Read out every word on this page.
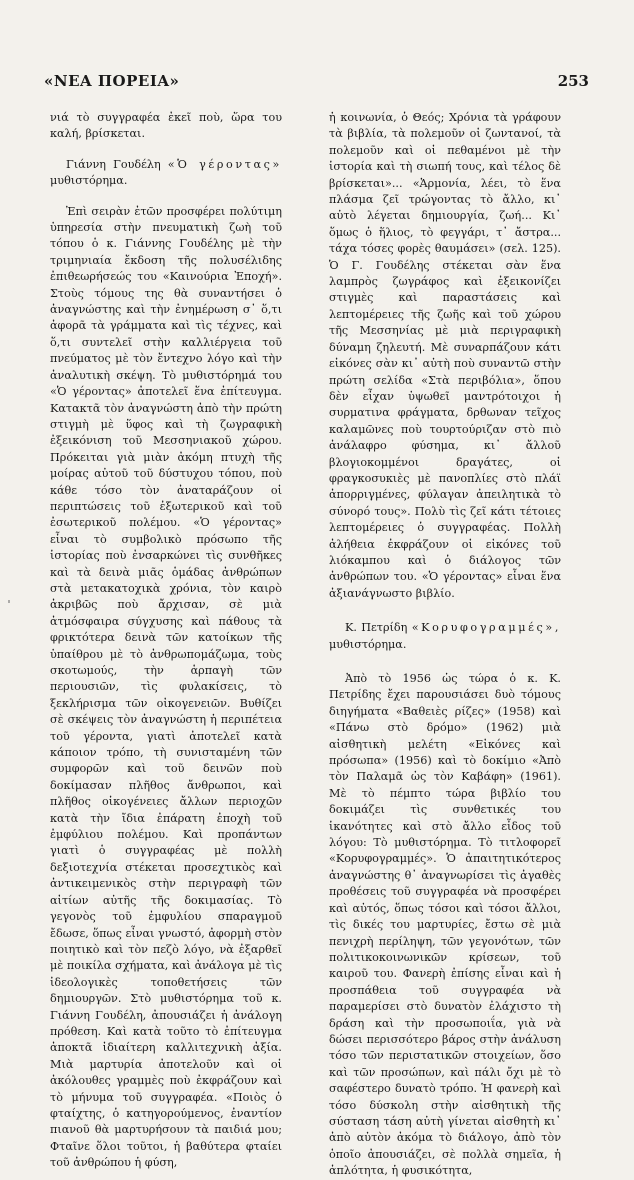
«ΝΕΑ ΠΟΡΕΙΑ»	253

νιά τὸ συγγραφέα ἐκεῖ ποὺ, ὥρα του καλή, βρίσκεται.

Γιάννη Γουδέλη «Ὁ γέροντας» μυθιστόρημα.

Ἐπὶ σειρὰν ἐτῶν προσφέρει πολύτιμη ὑπηρεσία στὴν πνευματικὴ ζωὴ τοῦ τόπου ὁ κ. Γιάννης Γουδέλης μὲ τὴν τριμηνιαία ἔκδοση τῆς πολυσέλιδης ἐπιθεωρήσεώς του «Καινούρια Ἐποχή». Στοὺς τόμους της θὰ συναντήσει ὁ ἀναγνώστης καὶ τὴν ἐνημέρωση σ᾿ ὅ,τι ἀφορᾶ τὰ γράμματα καὶ τὶς τέχνες, καὶ ὅ,τι συντελεῖ στὴν καλλιέργεια τοῦ πνεύματος μὲ τὸν ἔντεχνο λόγο καὶ τὴν ἀναλυτικὴ σκέψη. Τὸ μυθιστόρημά του «Ὁ γέροντας» ἀποτελεῖ ἕνα ἐπίτευγμα. Κατακτᾶ τὸν ἀναγνώστη ἀπὸ τὴν πρώτη στιγμὴ μὲ ὕφος καὶ τὴ ζωγραφικὴ ἐξεικόνιση τοῦ Μεσσηνιακοῦ χώρου. Πρόκειται γιὰ μιὰν ἀκόμη πτυχὴ τῆς μοίρας αὐτοῦ τοῦ δύστυχου τόπου, ποὺ κάθε τόσο τὸν ἀναταράζουν οἱ περιπτώσεις τοῦ ἐξωτερικοῦ καὶ τοῦ ἐσωτερικοῦ πολέμου. «Ὁ γέροντας» εἶναι τὸ συμβολικὸ πρόσωπο τῆς ἱστορίας ποὺ ἐνσαρκώνει τὶς συνθῆκες καὶ τὰ δεινὰ μιᾶς ὁμάδας ἀνθρώπων στὰ μετακατοχικὰ χρόνια, τὸν καιρὸ ἀκριβῶς ποὺ ἄρχισαν, σὲ μιὰ ἀτμόσφαιρα σύγχυσης καὶ πάθους τὰ φρικτότερα δεινὰ τῶν κατοίκων τῆς ὑπαίθρου μὲ τὸ ἀνθρωπομάζωμα, τοὺς σκοτωμούς, τὴν ἁρπαγὴ τῶν περιουσιῶν, τὶς φυλακίσεις, τὸ ξεκλήρισμα τῶν οἰκογενειῶν. Βυθίζει σὲ σκέψεις τὸν ἀναγνώστη ἡ περιπέτεια τοῦ γέροντα, γιατὶ ἀποτελεῖ κατὰ κάποιον τρόπο, τὴ συνισταμένη τῶν συμφορῶν καὶ τοῦ δεινῶν ποὺ δοκίμασαν πλῆθος ἄνθρωποι, καὶ πλῆθος οἰκογένειες ἄλλων περιοχῶν κατὰ τὴν ἴδια ἐπάρατη ἐποχὴ τοῦ ἐμφύλιου πολέμου. Καὶ προπάντων γιατὶ ὁ συγγραφέας μὲ πολλὴ δεξιοτεχνία στέκεται προσεχτικὸς καὶ ἀντικειμενικὸς στὴν περιγραφὴ τῶν αἰτίων αὐτῆς τῆς δοκιμασίας. Τὸ γεγονὸς τοῦ ἐμφυλίου σπαραγμοῦ ἔδωσε, ὅπως εἶναι γνωστό, ἀφορμὴ στὸν ποιητικὸ καὶ τὸν πεζὸ λόγο, νὰ ἐξαρθεῖ μὲ ποικίλα σχήματα, καὶ ἀνάλογα μὲ τὶς ἰδεολογικὲς τοποθετήσεις τῶν δημιουργῶν. Στὸ μυθιστόρημα τοῦ κ. Γιάννη Γουδέλη, ἀπουσιάζει ἡ ἀνάλογη πρόθεση. Καὶ κατὰ τοῦτο τὸ ἐπίτευγμα ἀποκτᾶ ἰδιαίτερη καλλιτεχνικὴ ἀξία. Μιὰ μαρτυρία ἀποτελοῦν καὶ οἱ ἀκόλουθες γραμμὲς ποὺ ἐκφράζουν καὶ τὸ μήνυμα τοῦ συγγραφέα. «Ποιὸς ὁ φταίχτης, ὁ κατηγορούμενος, ἐναντίον πιανοῦ θὰ μαρτυρήσουν τὰ παιδιά μου; Φταῖνε ὅλοι τοῦτοι, ἡ βαθύτερα φταίει τοῦ ἀνθρώπου ἡ φύση,

ἡ κοινωνία, ὁ Θεός; Χρόνια τὰ γράφουν τὰ βιβλία, τὰ πολεμοῦν οἱ ζωντανοί, τὰ πολεμοῦν καὶ οἱ πεθαμένοι μὲ τὴν ἱστορία καὶ τὴ σιωπή τους, καὶ τέλος δὲ βρίσκεται»... «Ἁρμονία, λέει, τὸ ἕνα πλάσμα ζεῖ τρώγοντας τὸ ἄλλο, κι᾿ αὐτὸ λέγεται δημιουργία, ζωή... Κι᾿ ὅμως ὁ ἥλιος, τὸ φεγγάρι, τ᾿ ἄστρα... τάχα τόσες φορὲς θαυμάσει» (σελ. 125). Ὁ Γ. Γουδέλης στέκεται σὰν ἕνα λαμπρὸς ζωγράφος καὶ ἐξεικονίζει στιγμὲς καὶ παραστάσεις καὶ λεπτομέρειες τῆς ζωῆς καὶ τοῦ χώρου τῆς Μεσσηνίας μὲ μιὰ περιγραφικὴ δύναμη ζηλευτή. Μὲ συναρπάζουν κάτι εἰκόνες σὰν κι᾿ αὐτὴ ποὺ συναντῶ στὴν πρώτη σελίδα «Στὰ περιβόλια», ὅπου δὲν εἶχαν ὑψωθεῖ μαντρότοιχοι ἡ συρματινα φράγματα, δρθωναν τεῖχος καλαμῶνες ποὺ τουρτούριζαν στὸ πιὸ ἀνάλαφρο φύσημα, κι᾿ ἄλλοῦ βλογιοκομμένοι δραγάτες, οἱ φραγκοσυκιὲς μὲ πανοπλίες στὸ πλάϊ ἀπορριγμένες, φύλαγαν ἀπειλητικὰ τὸ σύνορό τους». Πολὺ τὶς ζεῖ κάτι τέτοιες λεπτομέρειες ὁ συγγραφέας. Πολλὴ ἀλήθεια ἐκφράζουν οἱ εἰκόνες τοῦ λιόκαμπου καὶ ὁ διάλογος τῶν ἀνθρώπων του. «Ὁ γέροντας» εἶναι ἕνα ἀξιανάγνωστο βιβλίο.

Κ. Πετρίδη «Κορυφογραμμές», μυθιστόρημα.

Ἀπὸ τὸ 1956 ὡς τώρα ὁ κ. Κ. Πετρίδης ἔχει παρουσιάσει δυὸ τόμους διηγήματα «Βαθειὲς ρίζες» (1958) καὶ «Πάνω στὸ δρόμο» (1962) μιὰ αἰσθητικὴ μελέτη «Εἰκόνες καὶ πρόσωπα» (1956) καὶ τὸ δοκίμιο «Ἀπὸ τὸν Παλαμᾶ ὡς τὸν Καβάφη» (1961). Μὲ τὸ πέμπτο τώρα βιβλίο του δοκιμάζει τὶς συνθετικές του ἱκανότητες καὶ στὸ ἄλλο εἶδος τοῦ λόγου: Τὸ μυθιστόρημα. Τὸ τιτλοφορεῖ «Κορυφογραμμές». Ὁ ἀπαιτητικότερος ἀναγνώστης θ᾿ ἀναγνωρίσει τὶς ἀγαθὲς προθέσεις τοῦ συγγραφέα νὰ προσφέρει καὶ αὐτός, ὅπως τόσοι καὶ τόσοι ἄλλοι, τὶς δικές του μαρτυρίες, ἔστω σὲ μιὰ πενιχρὴ περίληψη, τῶν γεγονότων, τῶν πολιτικοκοινωνικῶν κρίσεων, τοῦ καιροῦ του. Φανερὴ ἐπίσης εἶναι καὶ ἡ προσπάθεια τοῦ συγγραφέα νὰ παραμερίσει στὸ δυνατὸν ἐλάχιστο τὴ δράση καὶ τὴν προσωποιΐα, γιὰ νὰ δώσει περισσότερο βάρος στὴν ἀνάλυση τόσο τῶν περιστατικῶν στοιχείων, ὅσο καὶ τῶν προσώπων, καὶ πάλι ὄχι μὲ τὸ σαφέστερο δυνατὸ τρόπο. Ἡ φανερὴ καὶ τόσο δύσκολη στὴν αἰσθητικὴ τῆς σύσταση τάση αὐτὴ γίνεται αἰσθητὴ κι᾿ ἀπὸ αὐτὸν ἀκόμα τὸ διάλογο, ἀπὸ τὸν ὁποῖο ἀπουσιάζει, σὲ πολλὰ σημεῖα, ἡ ἁπλότητα, ἡ φυσικότητα,
